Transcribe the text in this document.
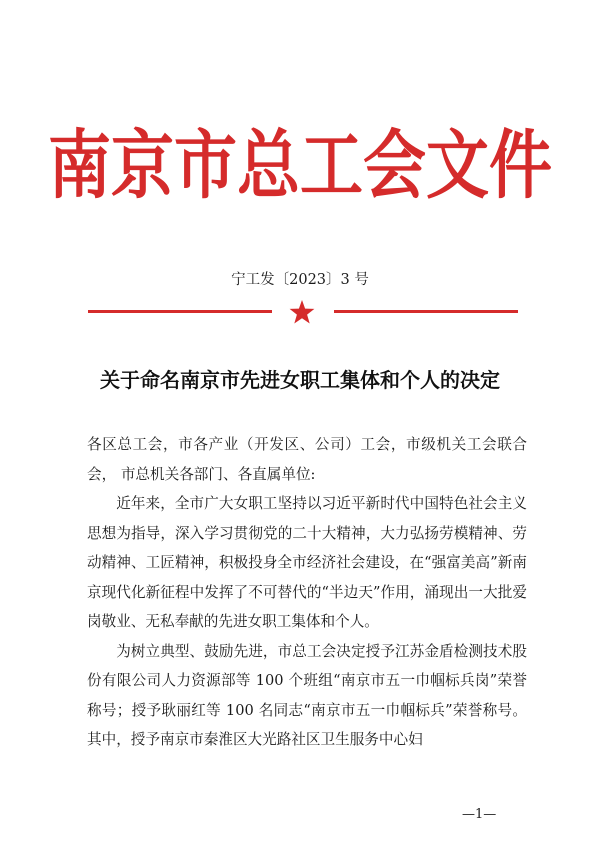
南京市总工会文件
宁工发〔2023〕3 号
关于命名南京市先进女职工集体和个人的决定

各区总工会，市各产业（开发区、公司）工会，市级机关工会联合会， 市总机关各部门、各直属单位:

近年来，全市广大女职工坚持以习近平新时代中国特色社会主义思想为指导，深入学习贯彻党的二十大精神，大力弘扬劳模精神、劳动精神、工匠精神，积极投身全市经济社会建设，在“强富美高”新南京现代化新征程中发挥了不可替代的“半边天”作用，涌现出一大批爱岗敬业、无私奉献的先进女职工集体和个人。

为树立典型、鼓励先进，市总工会决定授予江苏金盾检测技术股份有限公司人力资源部等 100 个班组“南京市五一巾帼标兵岗”荣誉称号；授予耿丽红等 100 名同志“南京市五一巾帼标兵”荣誉称号。其中，授予南京市秦淮区大光路社区卫生服务中心妇

—1—
